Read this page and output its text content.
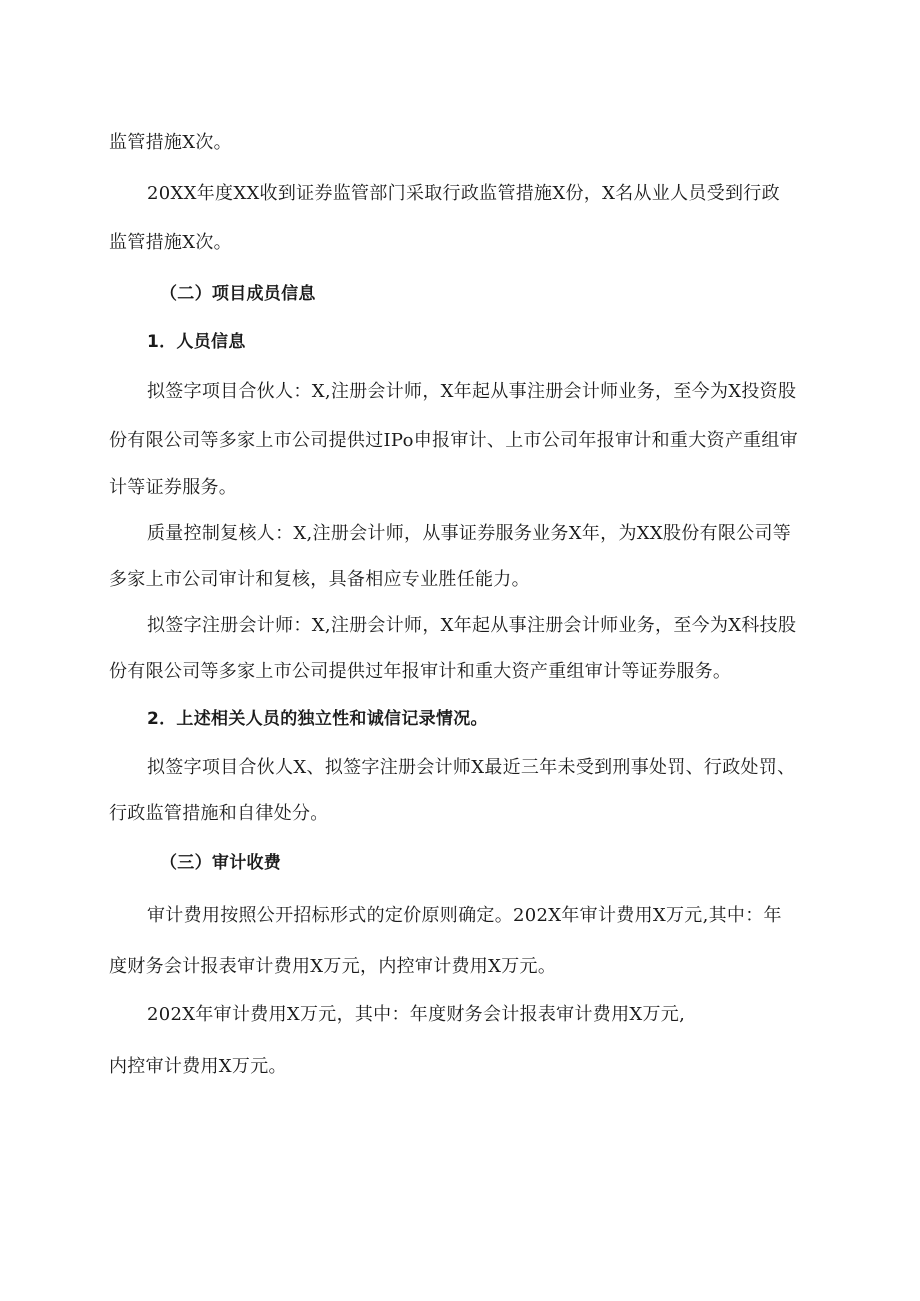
监管措施X次。
20XX年度XX收到证券监管部门采取行政监管措施X份，X名从业人员受到行政
监管措施X次。
（二）项目成员信息
1．人员信息
拟签字项目合伙人：X,注册会计师，X年起从事注册会计师业务，至今为X投资股
份有限公司等多家上市公司提供过IPo申报审计、上市公司年报审计和重大资产重组审
计等证券服务。
质量控制复核人：X,注册会计师，从事证券服务业务X年，为XX股份有限公司等
多家上市公司审计和复核，具备相应专业胜任能力。
拟签字注册会计师：X,注册会计师，X年起从事注册会计师业务，至今为X科技股
份有限公司等多家上市公司提供过年报审计和重大资产重组审计等证券服务。
2．上述相关人员的独立性和诚信记录情况。
拟签字项目合伙人X、拟签字注册会计师X最近三年未受到刑事处罚、行政处罚、
行政监管措施和自律处分。
（三）审计收费
审计费用按照公开招标形式的定价原则确定。202X年审计费用X万元,其中：年
度财务会计报表审计费用X万元，内控审计费用X万元。
202X年审计费用X万元，其中：年度财务会计报表审计费用X万元,
内控审计费用X万元。
